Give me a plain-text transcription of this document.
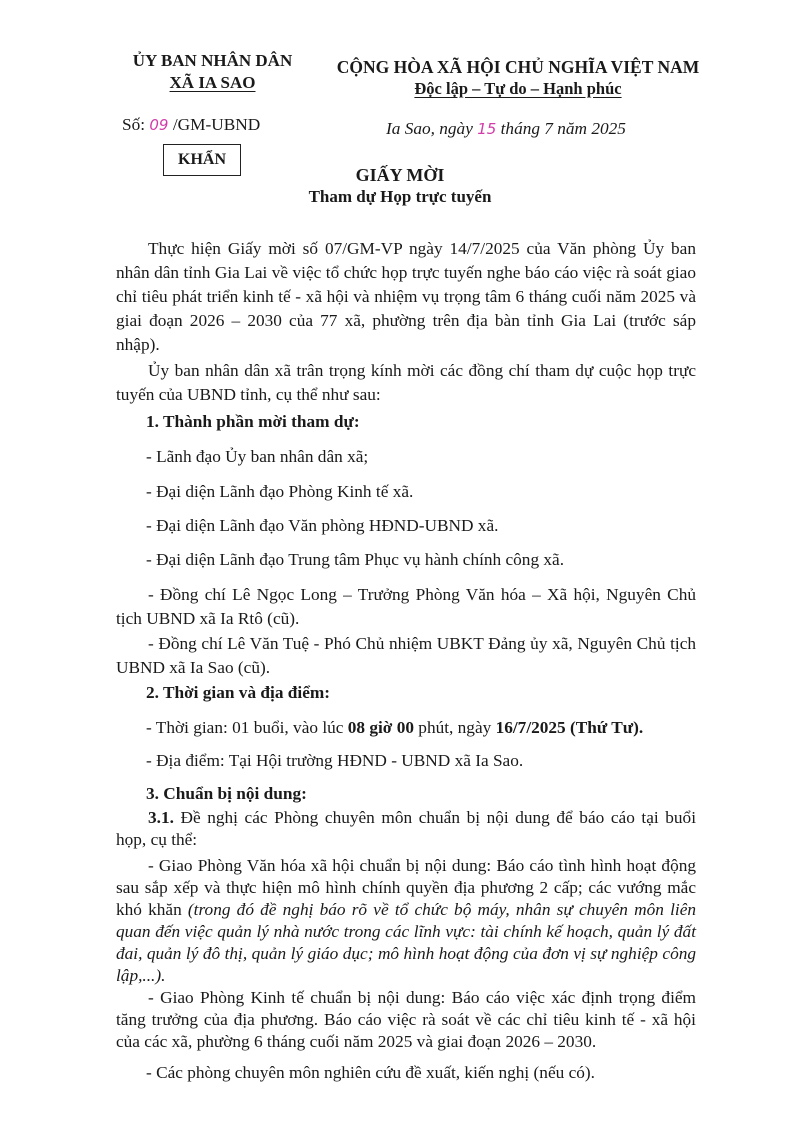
ỦY BAN NHÂN DÂN
XÃ IA SAO
CỘNG HÒA XÃ HỘI CHỦ NGHĨA VIỆT NAM
Độc lập – Tự do – Hạnh phúc
Số: 09 /GM-UBND	Ia Sao, ngày 15 tháng 7 năm 2025
KHẨN
GIẤY MỜI
Tham dự Họp trực tuyến
Thực hiện Giấy mời số 07/GM-VP ngày 14/7/2025 của Văn phòng Ủy ban nhân dân tỉnh Gia Lai về việc tổ chức họp trực tuyến nghe báo cáo việc rà soát giao chỉ tiêu phát triển kinh tế - xã hội và nhiệm vụ trọng tâm 6 tháng cuối năm 2025 và giai đoạn 2026 – 2030 của 77 xã, phường trên địa bàn tỉnh Gia Lai (trước sáp nhập).
Ủy ban nhân dân xã trân trọng kính mời các đồng chí tham dự cuộc họp trực tuyến của UBND tỉnh, cụ thể như sau:
1. Thành phần mời tham dự:
- Lãnh đạo Ủy ban nhân dân xã;
- Đại diện Lãnh đạo Phòng Kinh tế xã.
- Đại diện Lãnh đạo Văn phòng HĐND-UBND xã.
- Đại diện Lãnh đạo Trung tâm Phục vụ hành chính công xã.
- Đồng chí Lê Ngọc Long – Trưởng Phòng Văn hóa – Xã hội, Nguyên Chủ tịch UBND xã Ia Rtô (cũ).
- Đồng chí Lê Văn Tuệ - Phó Chủ nhiệm UBKT Đảng ủy xã, Nguyên Chủ tịch UBND xã Ia Sao (cũ).
2. Thời gian và địa điểm:
- Thời gian: 01 buổi, vào lúc 08 giờ 00 phút, ngày 16/7/2025 (Thứ Tư).
- Địa điểm: Tại Hội trường HĐND - UBND xã Ia Sao.
3. Chuẩn bị nội dung:
3.1. Đề nghị các Phòng chuyên môn chuẩn bị nội dung để báo cáo tại buổi họp, cụ thể:
- Giao Phòng Văn hóa xã hội chuẩn bị nội dung: Báo cáo tình hình hoạt động sau sắp xếp và thực hiện mô hình chính quyền địa phương 2 cấp; các vướng mắc khó khăn (trong đó đề nghị báo rõ về tổ chức bộ máy, nhân sự chuyên môn liên quan đến việc quản lý nhà nước trong các lĩnh vực: tài chính kế hoạch, quản lý đất đai, quản lý đô thị, quản lý giáo dục; mô hình hoạt động của đơn vị sự nghiệp công lập,...).
- Giao Phòng Kinh tế chuẩn bị nội dung: Báo cáo việc xác định trọng điểm tăng trưởng của địa phương. Báo cáo việc rà soát về các chỉ tiêu kinh tế - xã hội của các xã, phường 6 tháng cuối năm 2025 và giai đoạn 2026 – 2030.
- Các phòng chuyên môn nghiên cứu đề xuất, kiến nghị (nếu có).
